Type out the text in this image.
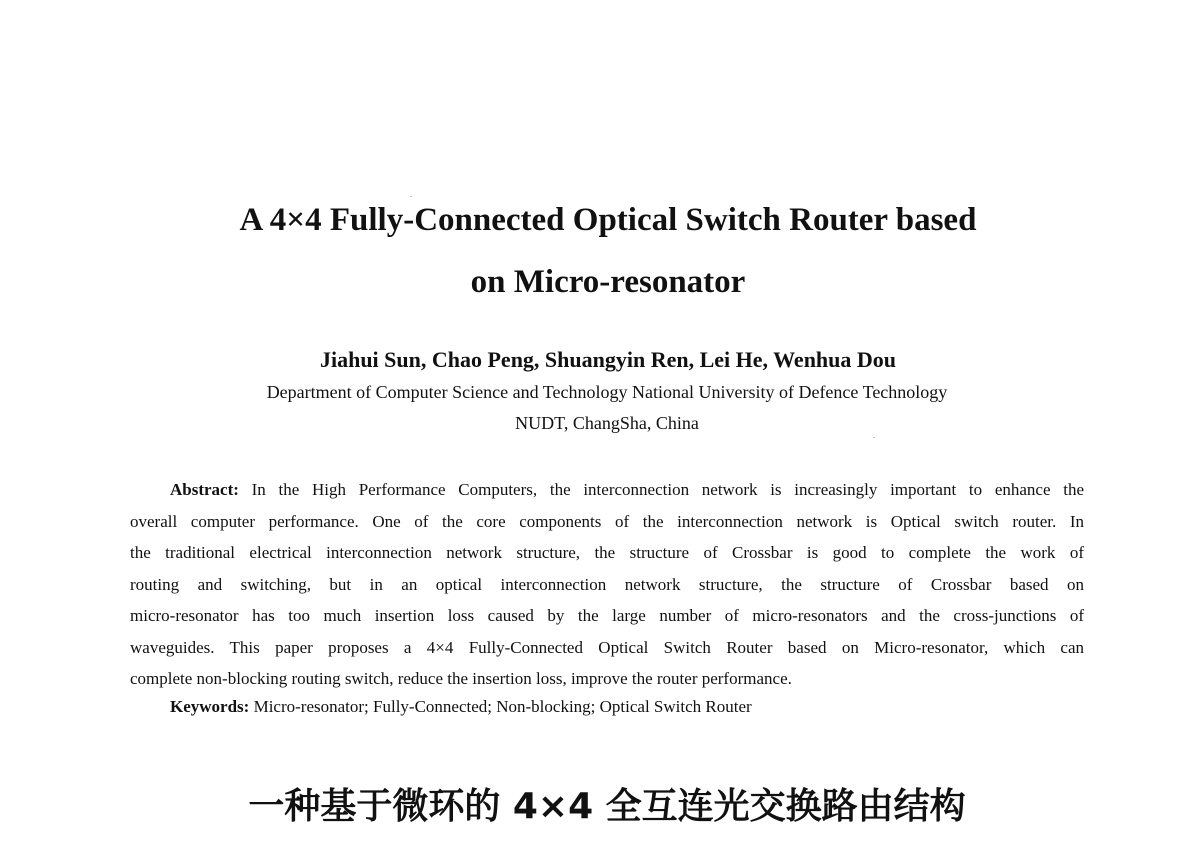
A 4×4 Fully-Connected Optical Switch Router based
on Micro-resonator
Jiahui Sun, Chao Peng, Shuangyin Ren, Lei He, Wenhua Dou
Department of Computer Science and Technology National University of Defence Technology
NUDT, ChangSha, China
Abstract: In the High Performance Computers, the interconnection network is increasingly important to enhance the
overall computer performance. One of the core components of the interconnection network is Optical switch router. In
the traditional electrical interconnection network structure, the structure of Crossbar is good to complete the work of
routing and switching, but in an optical interconnection network structure, the structure of Crossbar based on
micro-resonator has too much insertion loss caused by the large number of micro-resonators and the cross-junctions of
waveguides. This paper proposes a 4×4 Fully-Connected Optical Switch Router based on Micro-resonator, which can
complete non-blocking routing switch, reduce the insertion loss, improve the router performance.
Keywords: Micro-resonator; Fully-Connected; Non-blocking; Optical Switch Router
一种基于微环的 4×4 全互连光交换路由结构
